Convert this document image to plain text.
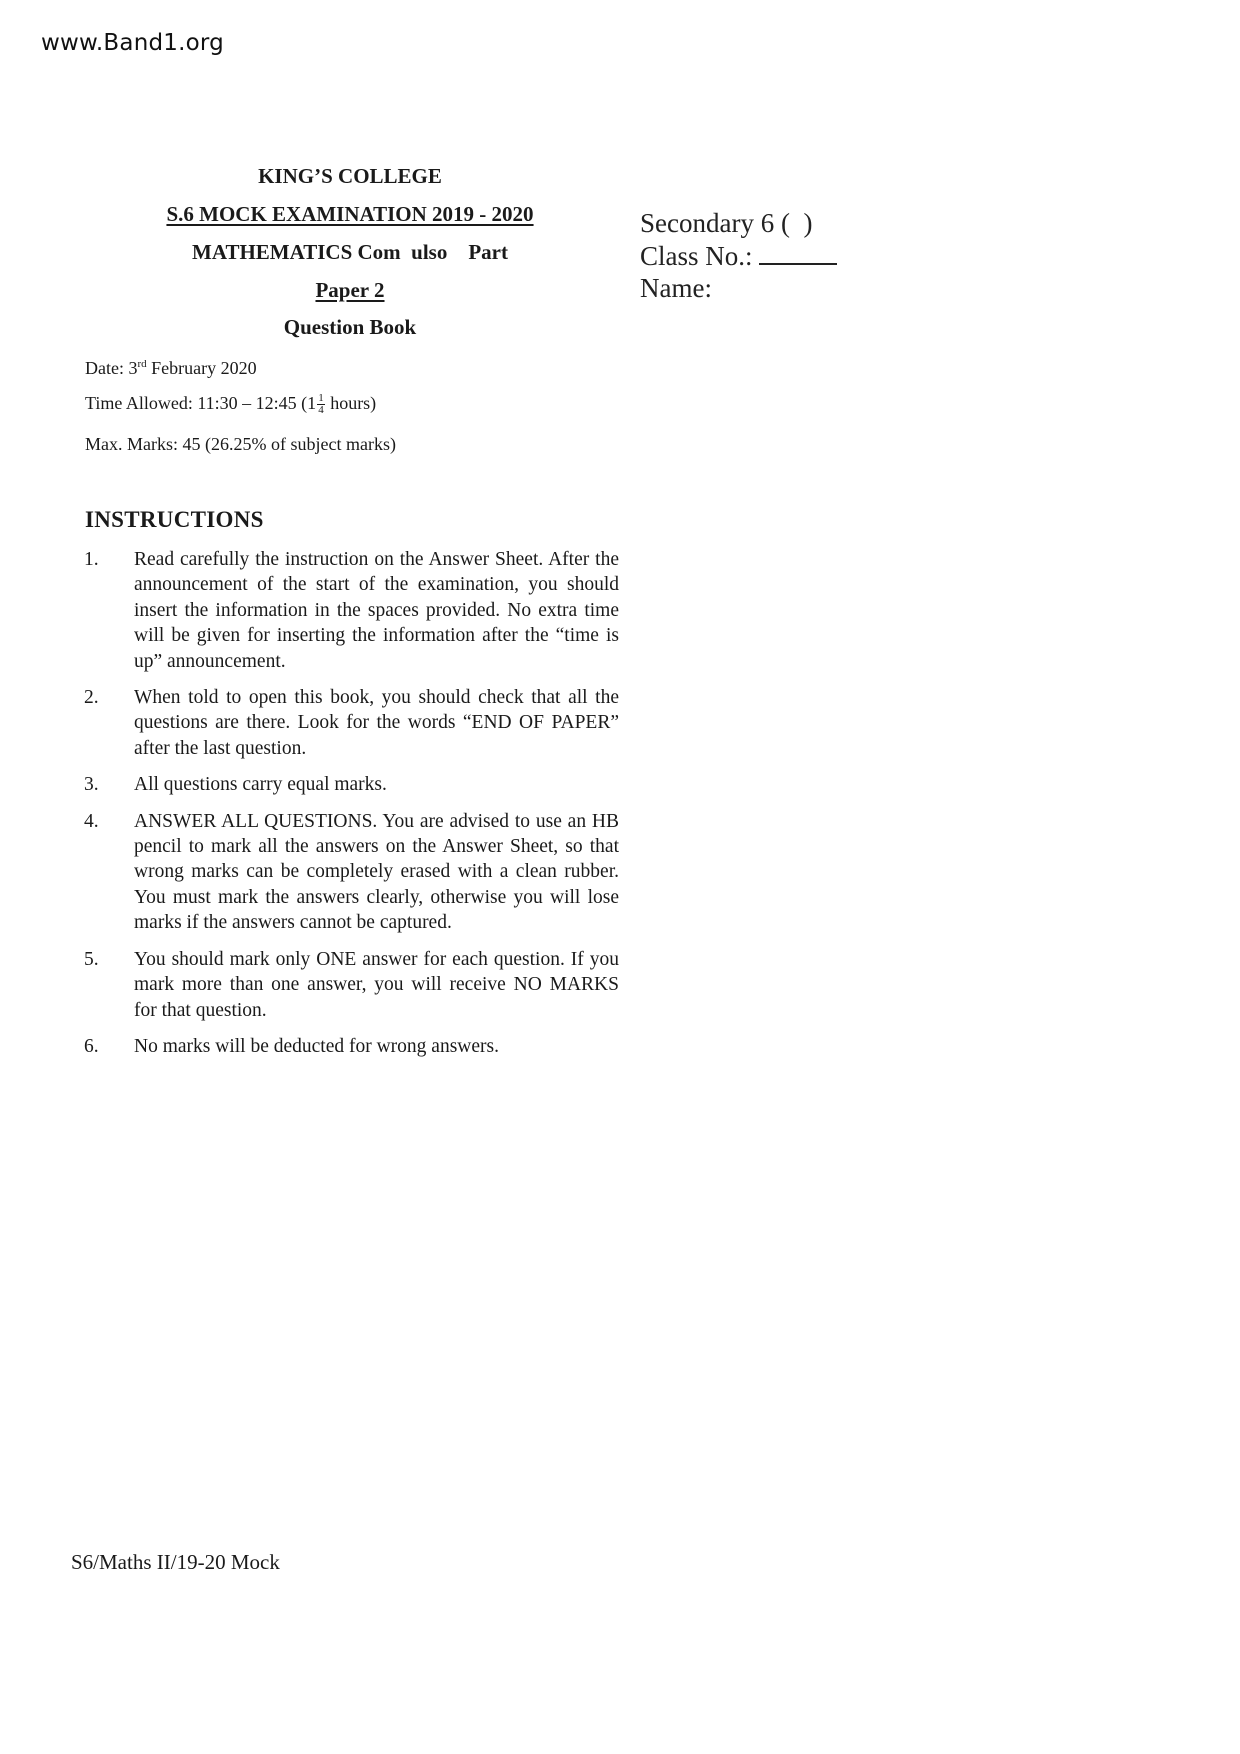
www.Band1.org
KING’S COLLEGE
S.6 MOCK EXAMINATION 2019 - 2020
MATHEMATICS Com  ulso    Part
Paper 2
Question Book
Date: 3rd February 2020
Time Allowed: 11:30 – 12:45 ($1 \frac{1}{4}$ hours)
Max. Marks: 45 (26.25% of subject marks)
Secondary 6 (  )
Class No.:
Name:
INSTRUCTIONS
1.	Read carefully the instruction on the Answer Sheet. After the announcement of the start of the examination, you should insert the information in the spaces provided. No extra time will be given for inserting the information after the “time is up” announcement.
2.	When told to open this book, you should check that all the questions are there. Look for the words “END OF PAPER” after the last question.
3.	All questions carry equal marks.
4.	ANSWER ALL QUESTIONS. You are advised to use an HB pencil to mark all the answers on the Answer Sheet, so that wrong marks can be completely erased with a clean rubber. You must mark the answers clearly, otherwise you will lose marks if the answers cannot be captured.
5.	You should mark only ONE answer for each question. If you mark more than one answer, you will receive NO MARKS for that question.
6.	No marks will be deducted for wrong answers.
S6/Maths II/19-20 Mock
